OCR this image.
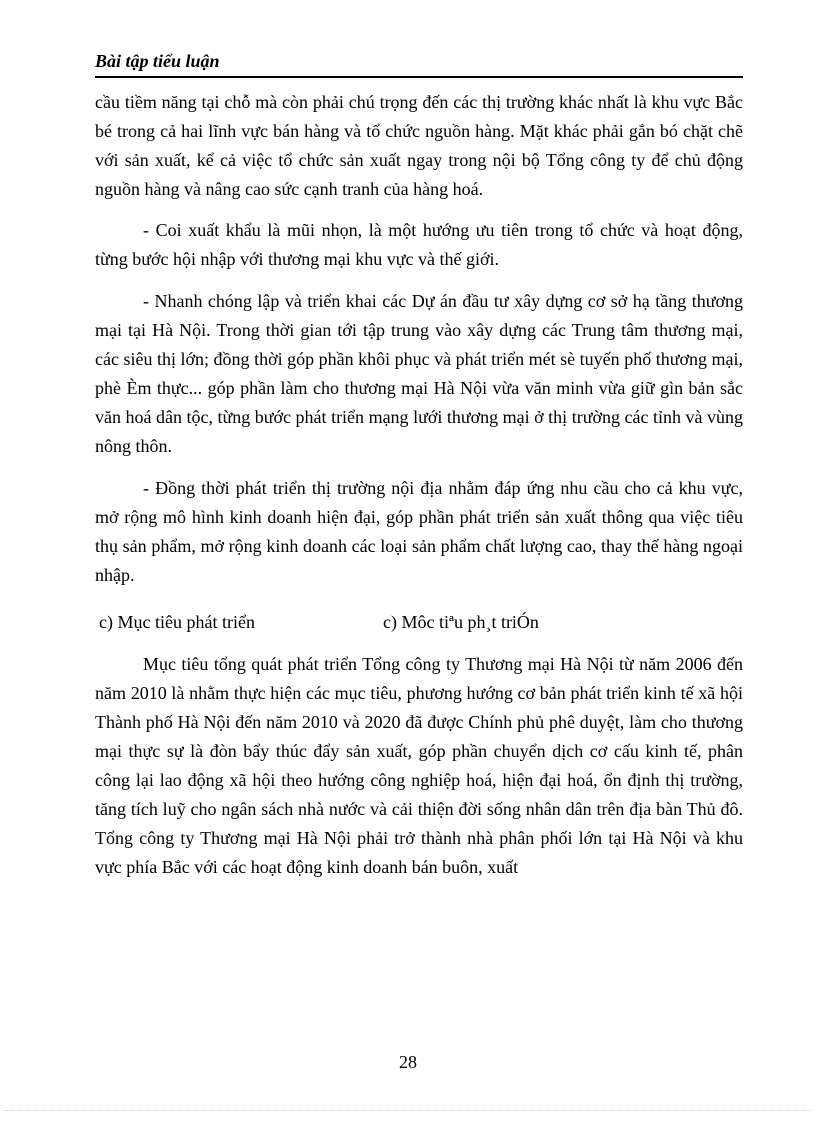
Bài tập tiểu luận

cầu tiềm năng tại chỗ mà còn phải chú trọng đến các thị trường khác nhất là khu vực Bắc bé trong cả hai lĩnh vực bán hàng và tổ chức nguồn hàng. Mặt khác phải gắn bó chặt chẽ với sản xuất, kể cả việc tổ chức sản xuất ngay trong nội bộ Tổng công ty để chủ động nguồn hàng và nâng cao sức cạnh tranh của hàng hoá.

- Coi xuất khẩu là mũi nhọn, là một hướng ưu tiên trong tổ chức và hoạt động, từng bước hội nhập với thương mại khu vực và thế giới.

- Nhanh chóng lập và triển khai các Dự án đầu tư xây dựng cơ sở hạ tầng thương mại tại Hà Nội. Trong thời gian tới tập trung vào xây dựng các Trung tâm thương mại, các siêu thị lớn; đồng thời góp phần khôi phục và phát triển mét sè tuyến phố thương mại, phè Èm thực... góp phần làm cho thương mại Hà Nội vừa văn minh vừa giữ gìn bản sắc văn hoá dân tộc, từng bước phát triển mạng lưới thương mại ở thị trường các tỉnh và vùng nông thôn.

- Đồng thời phát triển thị trường nội địa nhằm đáp ứng nhu cầu cho cả khu vực, mở rộng mô hình kinh doanh hiện đại, góp phần phát triển sản xuất thông qua việc tiêu thụ sản phẩm, mở rộng kinh doanh các loại sản phẩm chất lượng cao, thay thế hàng ngoại nhập.

c) Mục tiêu phát triển	c) Môc tiªu ph¸t triÓn

Mục tiêu tổng quát phát triển Tổng công ty Thương mại Hà Nội từ năm 2006 đến năm 2010 là nhằm thực hiện các mục tiêu, phương hướng cơ bản phát triển kinh tế xã hội Thành phố Hà Nội đến năm 2010 và 2020 đã được Chính phủ phê duyệt, làm cho thương mại thực sự là đòn bẩy thúc đẩy sản xuất, góp phần chuyển dịch cơ cấu kinh tế, phân công lại lao động xã hội theo hướng công nghiệp hoá, hiện đại hoá, ổn định thị trường, tăng tích luỹ cho ngân sách nhà nước và cải thiện đời sống nhân dân trên địa bàn Thủ đô. Tổng công ty Thương mại Hà Nội phải trở thành nhà phân phối lớn tại Hà Nội và khu vực phía Bắc với các hoạt động kinh doanh bán buôn, xuất

28
